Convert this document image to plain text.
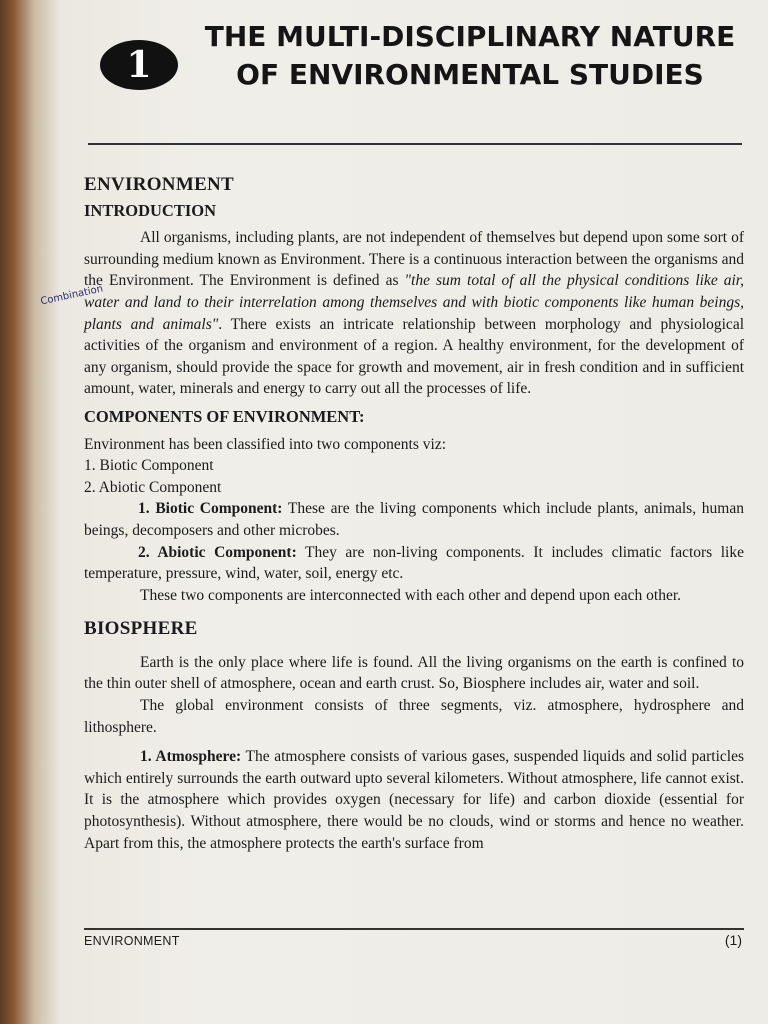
1
THE MULTI-DISCIPLINARY NATURE OF ENVIRONMENTAL STUDIES
Combination
ENVIRONMENT
INTRODUCTION

All organisms, including plants, are not independent of themselves but depend upon some sort of surrounding medium known as Environment. There is a continuous interaction between the organisms and the Environment. The Environment is defined as "the sum total of all the physical conditions like air, water and land to their interrelation among themselves and with biotic components like human beings, plants and animals". There exists an intricate relationship between morphology and physiological activities of the organism and environment of a region. A healthy environment, for the development of any organism, should provide the space for growth and movement, air in fresh condition and in sufficient amount, water, minerals and energy to carry out all the processes of life.

COMPONENTS OF ENVIRONMENT:

Environment has been classified into two components viz:

1. Biotic Component

2. Abiotic Component

1. Biotic Component: These are the living components which include plants, animals, human beings, decomposers and other microbes.

2. Abiotic Component: They are non-living components. It includes climatic factors like temperature, pressure, wind, water, soil, energy etc.

These two components are interconnected with each other and depend upon each other.

BIOSPHERE

Earth is the only place where life is found. All the living organisms on the earth is confined to the thin outer shell of atmosphere, ocean and earth crust. So, Biosphere includes air, water and soil.

The global environment consists of three segments, viz. atmosphere, hydrosphere and lithosphere.

1. Atmosphere: The atmosphere consists of various gases, suspended liquids and solid particles which entirely surrounds the earth outward upto several kilometers. Without atmosphere, life cannot exist. It is the atmosphere which provides oxygen (necessary for life) and carbon dioxide (essential for photosynthesis). Without atmosphere, there would be no clouds, wind or storms and hence no weather. Apart from this, the atmosphere protects the earth's surface from

ENVIRONMENT	(1)
